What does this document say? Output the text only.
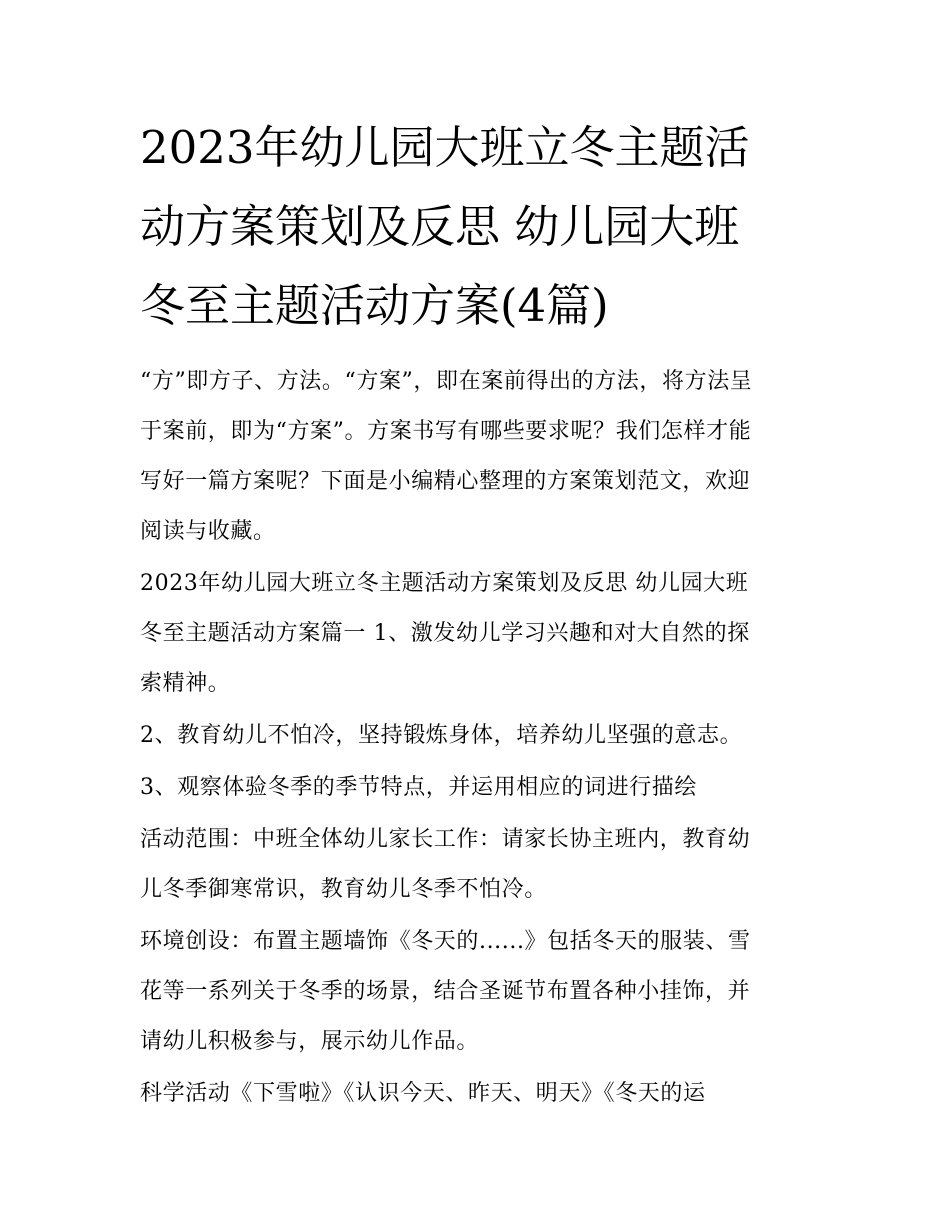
2023年幼儿园大班立冬主题活
动方案策划及反思 幼儿园大班
冬至主题活动方案(4篇)

“方”即方子、方法。“方案”，即在案前得出的方法，将方法呈
于案前，即为“方案”。方案书写有哪些要求呢？我们怎样才能
写好一篇方案呢？下面是小编精心整理的方案策划范文，欢迎
阅读与收藏。

2023年幼儿园大班立冬主题活动方案策划及反思 幼儿园大班
冬至主题活动方案篇一 1、激发幼儿学习兴趣和对大自然的探
索精神。

2、教育幼儿不怕冷，坚持锻炼身体，培养幼儿坚强的意志。

3、观察体验冬季的季节特点，并运用相应的词进行描绘

活动范围：中班全体幼儿家长工作：请家长协主班内，教育幼
儿冬季御寒常识，教育幼儿冬季不怕冷。

环境创设：布置主题墙饰《冬天的......》包括冬天的服装、雪
花等一系列关于冬季的场景，结合圣诞节布置各种小挂饰，并
请幼儿积极参与，展示幼儿作品。

科学活动《下雪啦》《认识今天、昨天、明天》《冬天的运
